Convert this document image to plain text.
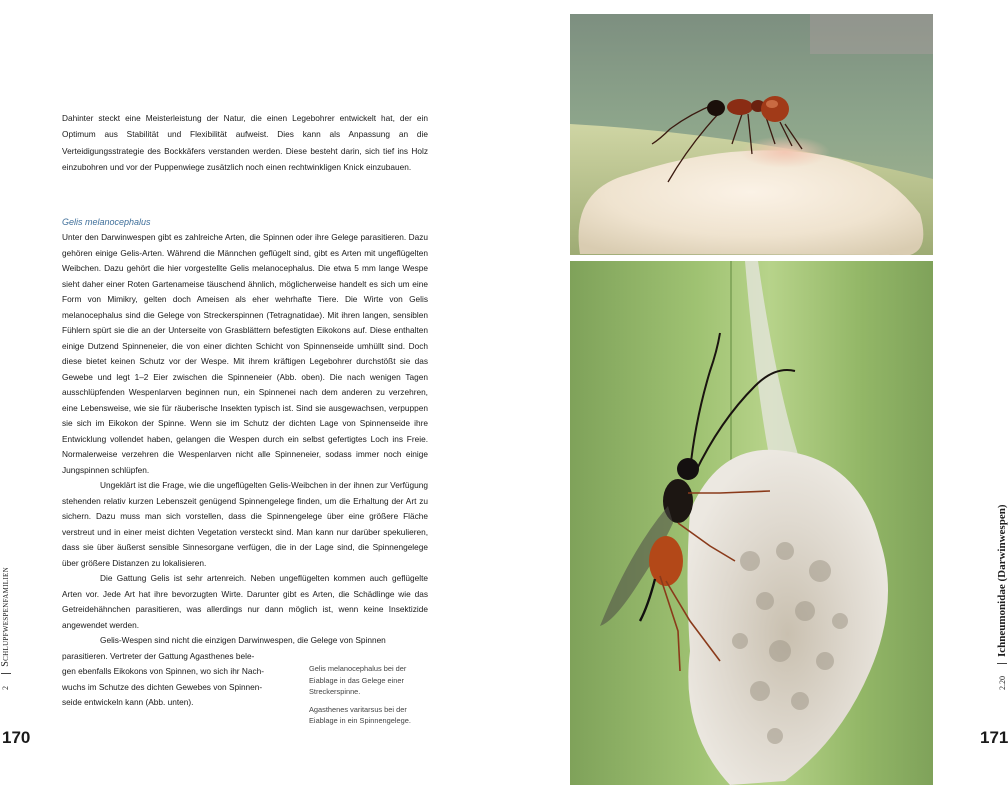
Dahinter steckt eine Meisterleistung der Natur, die einen Legebohrer entwickelt hat, der ein Optimum aus Stabilität und Flexibilität aufweist. Dies kann als Anpassung an die Verteidigungsstrategie des Bockkäfers verstanden werden. Diese besteht darin, sich tief ins Holz einzubohren und vor der Puppenwiege zusätzlich noch einen rechtwinkligen Knick einzubauen.

Gelis melanocephalus

Unter den Darwinwespen gibt es zahlreiche Arten, die Spinnen oder ihre Gelege parasitieren. Dazu gehören einige Gelis-Arten. Während die Männchen geflügelt sind, gibt es Arten mit ungeflügelten Weibchen. Dazu gehört die hier vorgestellte Gelis melanocephalus. Die etwa 5 mm lange Wespe sieht daher einer Roten Gartenameise täuschend ähnlich, möglicherweise handelt es sich um eine Form von Mimikry, gelten doch Ameisen als eher wehrhafte Tiere. Die Wirte von Gelis melanocephalus sind die Gelege von Streckerspinnen (Tetragnatidae). Mit ihren langen, sensiblen Fühlern spürt sie die an der Unterseite von Grasblättern befestigten Eikokons auf. Diese enthalten einige Dutzend Spinneneier, die von einer dichten Schicht von Spinnenseide umhüllt sind. Doch diese bietet keinen Schutz vor der Wespe. Mit ihrem kräftigen Legebohrer durchstößt sie das Gewebe und legt 1–2 Eier zwischen die Spinneneier (Abb. oben). Die nach wenigen Tagen ausschlüpfenden Wespenlarven beginnen nun, ein Spinnenei nach dem anderen zu verzehren, eine Lebensweise, wie sie für räuberische Insekten typisch ist. Sind sie ausgewachsen, verpuppen sie sich im Eikokon der Spinne. Wenn sie im Schutz der dichten Lage von Spinnenseide ihre Entwicklung vollendet haben, gelangen die Wespen durch ein selbst gefertigtes Loch ins Freie. Normalerweise verzehren die Wespenlarven nicht alle Spinneneier, sodass immer noch einige Jungspinnen schlüpfen.

Ungeklärt ist die Frage, wie die ungeflügelten Gelis-Weibchen in der ihnen zur Verfügung stehenden relativ kurzen Lebenszeit genügend Spinnengelege finden, um die Erhaltung der Art zu sichern. Dazu muss man sich vorstellen, dass die Spinnengelege über eine größere Fläche verstreut und in einer meist dichten Vegetation versteckt sind. Man kann nur darüber spekulieren, dass sie über äußerst sensible Sinnesorgane verfügen, die in der Lage sind, die Spinnengelege über größere Distanzen zu lokalisieren.

Die Gattung Gelis ist sehr artenreich. Neben ungeflügelten kommen auch geflügelte Arten vor. Jede Art hat ihre bevorzugten Wirte. Darunter gibt es Arten, die Schädlinge wie das Getreidehähnchen parasitieren, was allerdings nur dann möglich ist, wenn keine Insektizide angewendet werden.

Gelis-Wespen sind nicht die einzigen Darwinwespen, die Gelege von Spinnen

parasitieren. Vertreter der Gattung Agasthenes bele-

gen ebenfalls Eikokons von Spinnen, wo sich ihr Nach-

wuchs im Schutze des dichten Gewebes von Spinnen-

seide entwickeln kann (Abb. unten).

Gelis melanocephalus bei der Eiablage in das Gelege einer Streckerspinne.

Agasthenes varitarsus bei der Eiablage in ein Spinnengelege.

2Schlupfwespenfamilien
170
2.20Ichneumonidae (Darwinwespen)
171
